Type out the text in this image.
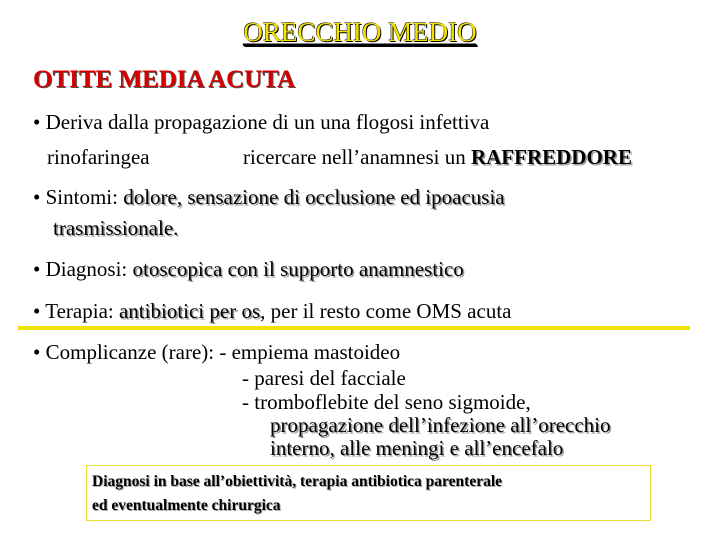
ORECCHIO MEDIO
OTITE MEDIA ACUTA
• Deriva dalla propagazione di un una flogosi infettiva
rinofaringea	ricercare nell’anamnesi un RAFFREDDORE
• Sintomi: dolore, sensazione di occlusione ed ipoacusia
trasmissionale.
• Diagnosi: otoscopica con il supporto anamnestico
• Terapia: antibiotici per os, per il resto come OMS acuta
• Complicanze (rare): - empiema mastoideo
- paresi del facciale
- tromboflebite del seno sigmoide,
propagazione dell’infezione all’orecchio
interno, alle meningi e all’encefalo
Diagnosi in base all’obiettività, terapia antibiotica parenterale
ed eventualmente chirurgica
